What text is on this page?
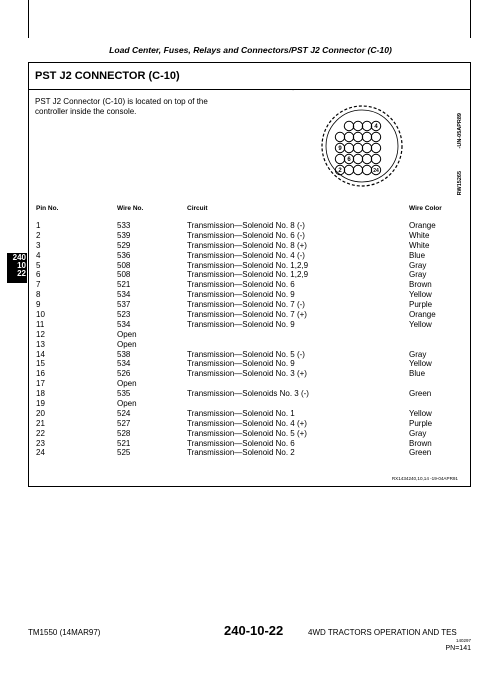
Load Center, Fuses, Relays and Connectors/PST J2 Connector (C-10)
240
10
22
PST J2 CONNECTOR (C-10)
PST J2 Connector (C-10) is located on top of the controller inside the console.
-
4
9
2
6
24
-UN-05APR89
RW15265
Pin No.	Wire No.	Circuit	Wire Color
1	533	Transmission—Solenoid No. 8 (-)	Orange
2	539	Transmission—Solenoid No. 6 (-)	White
3	529	Transmission—Solenoid No. 8 (+)	White
4	536	Transmission—Solenoid No. 4 (-)	Blue
5	508	Transmission—Solenoid No. 1,2,9	Gray
6	508	Transmission—Solenoid No. 1,2,9	Gray
7	521	Transmission—Solenoid No. 6	Brown
8	534	Transmission—Solenoid No. 9	Yellow
9	537	Transmission—Solenoid No. 7 (-)	Purple
10	523	Transmission—Solenoid No. 7 (+)	Orange
11	534	Transmission—Solenoid No. 9	Yellow
12	Open
13	Open
14	538	Transmission—Solenoid No. 5 (-)	Gray
15	534	Transmission—Solenoid No. 9	Yellow
16	526	Transmission—Solenoid No. 3 (+)	Blue
17	Open
18	535	Transmission—Solenoids No. 3 (-)	Green
19	Open
20	524	Transmission—Solenoid No. 1	Yellow
21	527	Transmission—Solenoid No. 4 (+)	Purple
22	528	Transmission—Solenoid No. 5 (+)	Gray
23	521	Transmission—Solenoid No. 6	Brown
24	525	Transmission—Solenoid No. 2	Green
RX1434240,10,14 -19-04APR91
TM1550 (14MAR97)	240-10-22	4WD TRACTORS OPERATION AND TES
140297
PN=141
